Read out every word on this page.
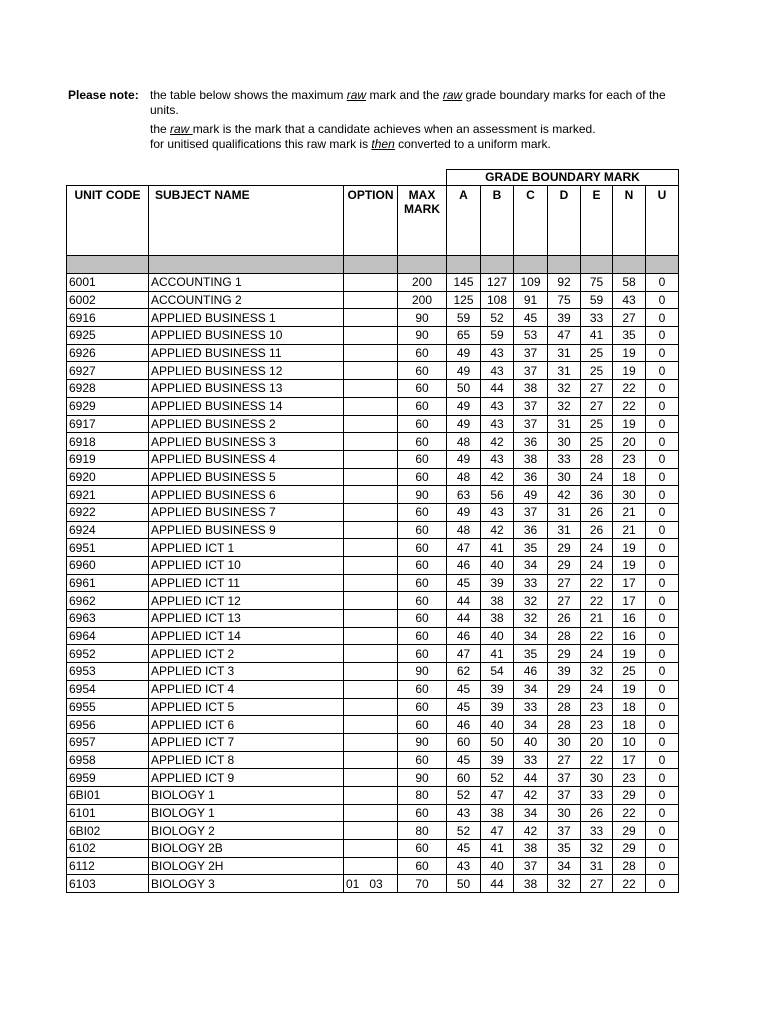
Please note: the table below shows the maximum raw mark and the raw grade boundary marks for each of the units.

the raw mark is the mark that a candidate achieves when an assessment is marked.

for unitised qualifications this raw mark is then converted to a uniform mark.

GRADE BOUNDARY MARK
UNIT CODE	SUBJECT NAME	OPTION	MAX MARK	A	B	C	D	E	N	U

6001	ACCOUNTING 1		200	145	127	109	92	75	58	0
6002	ACCOUNTING 2		200	125	108	91	75	59	43	0
6916	APPLIED BUSINESS 1		90	59	52	45	39	33	27	0
6925	APPLIED BUSINESS 10		90	65	59	53	47	41	35	0
6926	APPLIED BUSINESS 11		60	49	43	37	31	25	19	0
6927	APPLIED BUSINESS 12		60	49	43	37	31	25	19	0
6928	APPLIED BUSINESS 13		60	50	44	38	32	27	22	0
6929	APPLIED BUSINESS 14		60	49	43	37	32	27	22	0
6917	APPLIED BUSINESS 2		60	49	43	37	31	25	19	0
6918	APPLIED BUSINESS 3		60	48	42	36	30	25	20	0
6919	APPLIED BUSINESS 4		60	49	43	38	33	28	23	0
6920	APPLIED BUSINESS 5		60	48	42	36	30	24	18	0
6921	APPLIED BUSINESS 6		90	63	56	49	42	36	30	0
6922	APPLIED BUSINESS 7		60	49	43	37	31	26	21	0
6924	APPLIED BUSINESS 9		60	48	42	36	31	26	21	0
6951	APPLIED ICT 1		60	47	41	35	29	24	19	0
6960	APPLIED ICT 10		60	46	40	34	29	24	19	0
6961	APPLIED ICT 11		60	45	39	33	27	22	17	0
6962	APPLIED ICT 12		60	44	38	32	27	22	17	0
6963	APPLIED ICT 13		60	44	38	32	26	21	16	0
6964	APPLIED ICT 14		60	46	40	34	28	22	16	0
6952	APPLIED ICT 2		60	47	41	35	29	24	19	0
6953	APPLIED ICT 3		90	62	54	46	39	32	25	0
6954	APPLIED ICT 4		60	45	39	34	29	24	19	0
6955	APPLIED ICT 5		60	45	39	33	28	23	18	0
6956	APPLIED ICT 6		60	46	40	34	28	23	18	0
6957	APPLIED ICT 7		90	60	50	40	30	20	10	0
6958	APPLIED ICT 8		60	45	39	33	27	22	17	0
6959	APPLIED ICT 9		90	60	52	44	37	30	23	0
6BI01	BIOLOGY 1		80	52	47	42	37	33	29	0
6101	BIOLOGY 1		60	43	38	34	30	26	22	0
6BI02	BIOLOGY 2		80	52	47	42	37	33	29	0
6102	BIOLOGY 2B		60	45	41	38	35	32	29	0
6112	BIOLOGY 2H		60	43	40	37	34	31	28	0
6103	BIOLOGY 3	01   03	70	50	44	38	32	27	22	0
